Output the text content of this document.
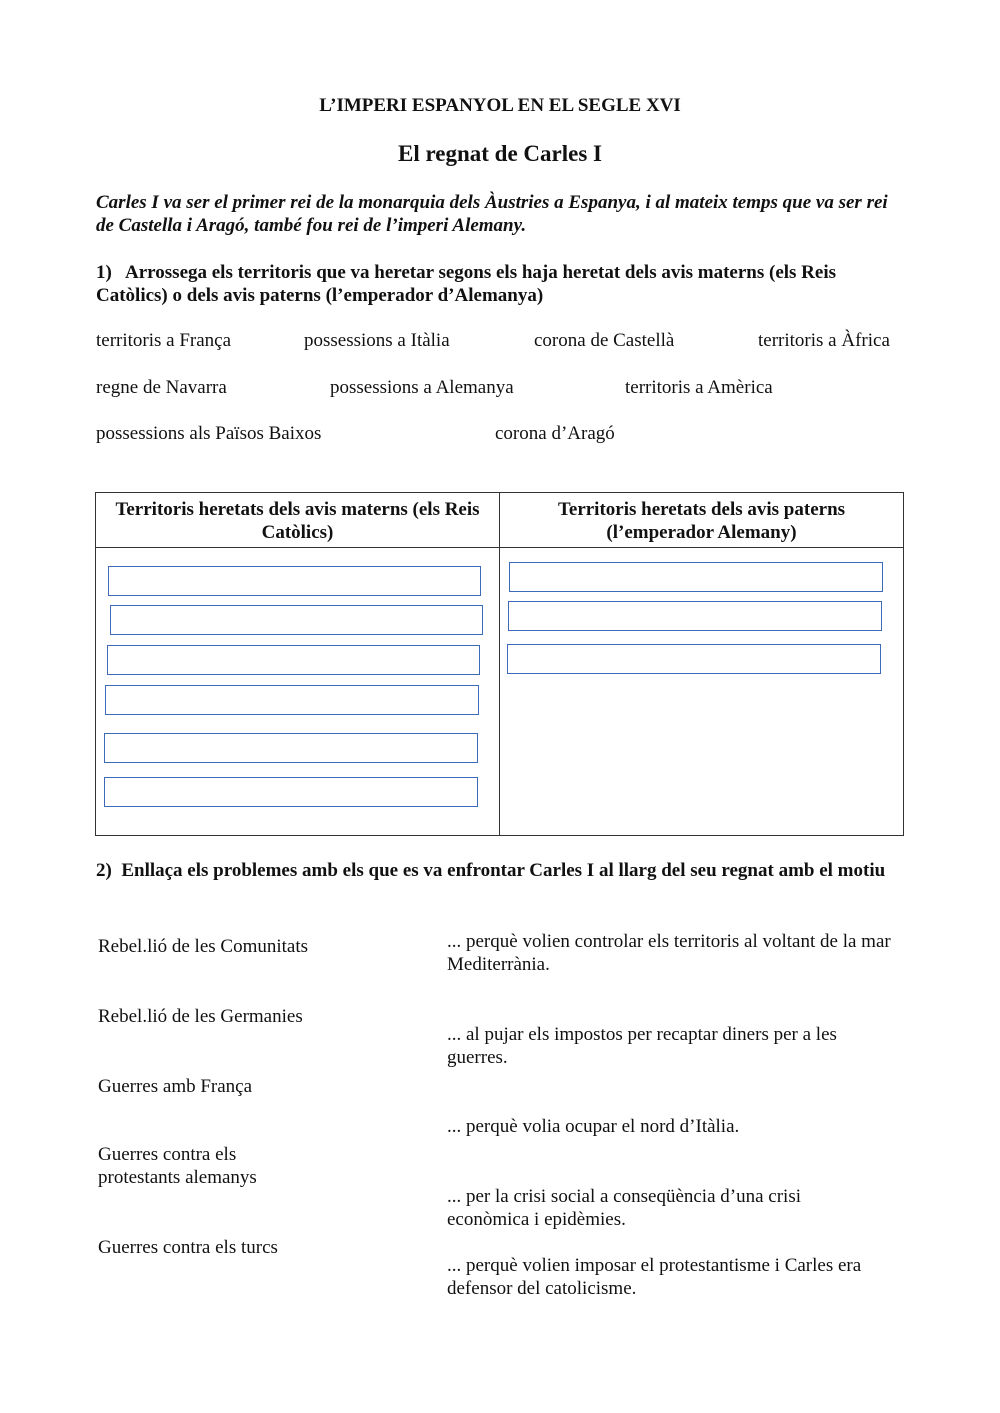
L’IMPERI ESPANYOL EN EL SEGLE XVI
El regnat de Carles I
Carles I va ser el primer rei de la monarquia dels Àustries a Espanya, i al mateix temps que va ser rei de Castella i Aragó, també fou rei de l’imperi Alemany.
1) Arrossega els territoris que va heretar segons els haja heretat dels avis materns (els Reis Catòlics) o dels avis paterns (l’emperador d’Alemanya)
territoris a França	possessions a Itàlia	corona de Castellà	territoris a Àfrica
regne de Navarra	possessions a Alemanya	territoris a Amèrica
possessions als Països Baixos	corona d’Aragó
Territoris heretats dels avis materns (els Reis Catòlics)
Territoris heretats dels avis paterns (l’emperador Alemany)
2) Enllaça els problemes amb els que es va enfrontar Carles I al llarg del seu regnat amb el motiu
Rebel.lió de les Comunitats
Rebel.lió de les Germanies
Guerres amb França
Guerres contra els protestants alemanys
Guerres contra els turcs
... perquè volien controlar els territoris al voltant de la mar Mediterrània.
... al pujar els impostos per recaptar diners per a les guerres.
... perquè volia ocupar el nord d’Itàlia.
... per la crisi social a conseqüència d’una crisi econòmica i epidèmies.
... perquè volien imposar el protestantisme i Carles era defensor del catolicisme.
